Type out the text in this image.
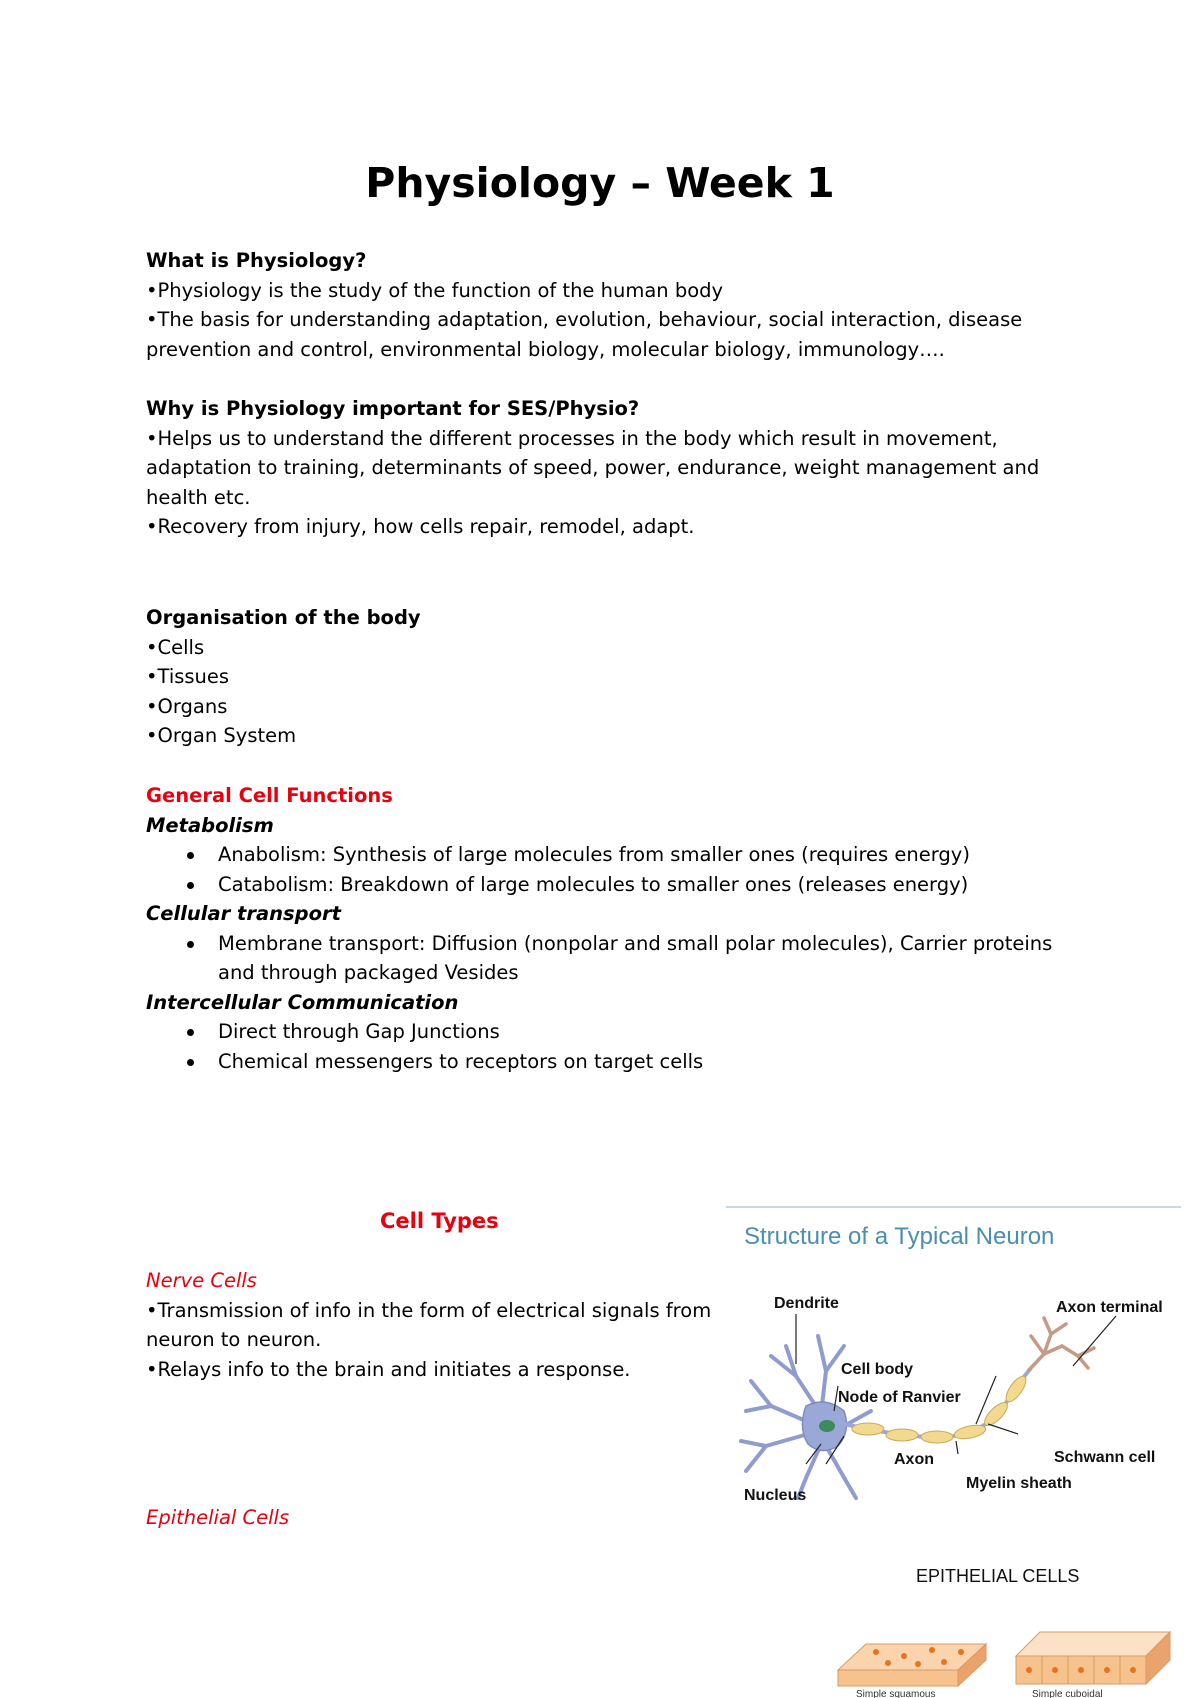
Physiology – Week 1

What is Physiology?

•Physiology is the study of the function of the human body

•The basis for understanding adaptation, evolution, behaviour, social interaction, disease prevention and control, environmental biology, molecular biology, immunology….

Why is Physiology important for SES/Physio?

•Helps us to understand the different processes in the body which result in movement, adaptation to training, determinants of speed, power, endurance, weight management and health etc.

•Recovery from injury, how cells repair, remodel, adapt.

Organisation of the body

•Cells

•Tissues

•Organs

•Organ System

General Cell Functions

Metabolism

Anabolism: Synthesis of large molecules from smaller ones (requires energy)
Catabolism: Breakdown of large molecules to smaller ones (releases energy)

Cellular transport

Membrane transport: Diffusion (nonpolar and small polar molecules), Carrier proteins and through packaged Vesides

Intercellular Communication

Direct through Gap Junctions
Chemical messengers to receptors on target cells
Cell Types

Nerve Cells

•Transmission of info in the form of electrical signals from neuron to neuron.

•Relays info to the brain and initiates a response.

Epithelial Cells
Structure of a Typical Neuron
Dendrite	Axon terminal
Cell body
Node of Ranvier
Schwann cell
Axon
Myelin sheath
Nucleus
EPITHELIAL CELLS
Simple squamous	Simple cuboidal
